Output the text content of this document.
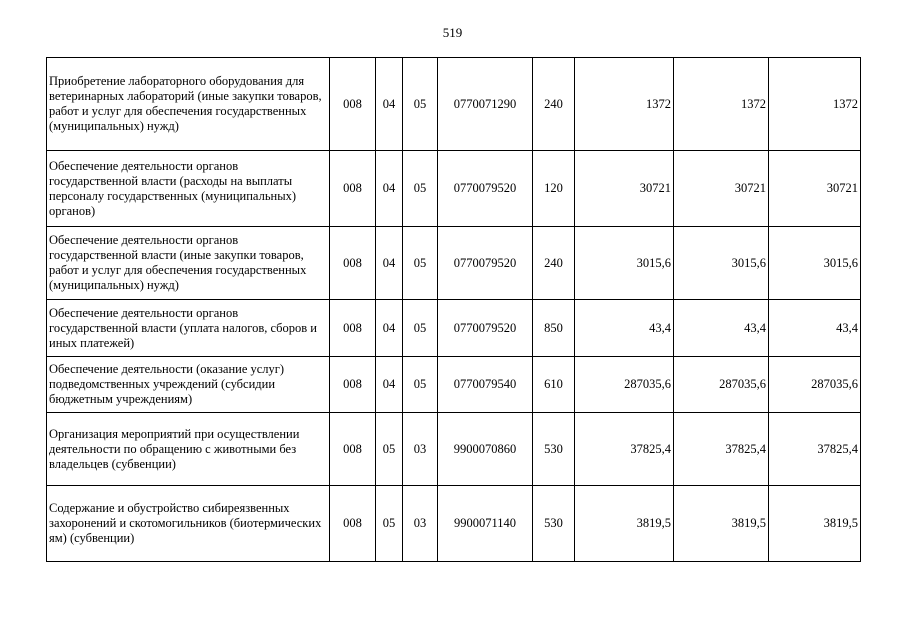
519
Приобретение лабораторного оборудования для ветеринарных лабораторий (иные закупки товаров, работ и услуг для обеспечения государственных (муниципальных) нужд)	008	04	05	0770071290	240	1372	1372	1372
Обеспечение деятельности органов государственной власти (расходы на выплаты персоналу государственных (муниципальных) органов)	008	04	05	0770079520	120	30721	30721	30721
Обеспечение деятельности органов государственной власти (иные закупки товаров, работ и услуг для обеспечения государственных (муниципальных) нужд)	008	04	05	0770079520	240	3015,6	3015,6	3015,6
Обеспечение деятельности органов государственной власти (уплата налогов, сборов и иных платежей)	008	04	05	0770079520	850	43,4	43,4	43,4
Обеспечение деятельности (оказание услуг) подведомственных учреждений (субсидии бюджетным учреждениям)	008	04	05	0770079540	610	287035,6	287035,6	287035,6
Организация мероприятий при осуществлении деятельности по обращению с животными без владельцев (субвенции)	008	05	03	9900070860	530	37825,4	37825,4	37825,4
Содержание и обустройство сибиреязвенных захоронений и скотомогильников (биотермических ям) (субвенции)	008	05	03	9900071140	530	3819,5	3819,5	3819,5
